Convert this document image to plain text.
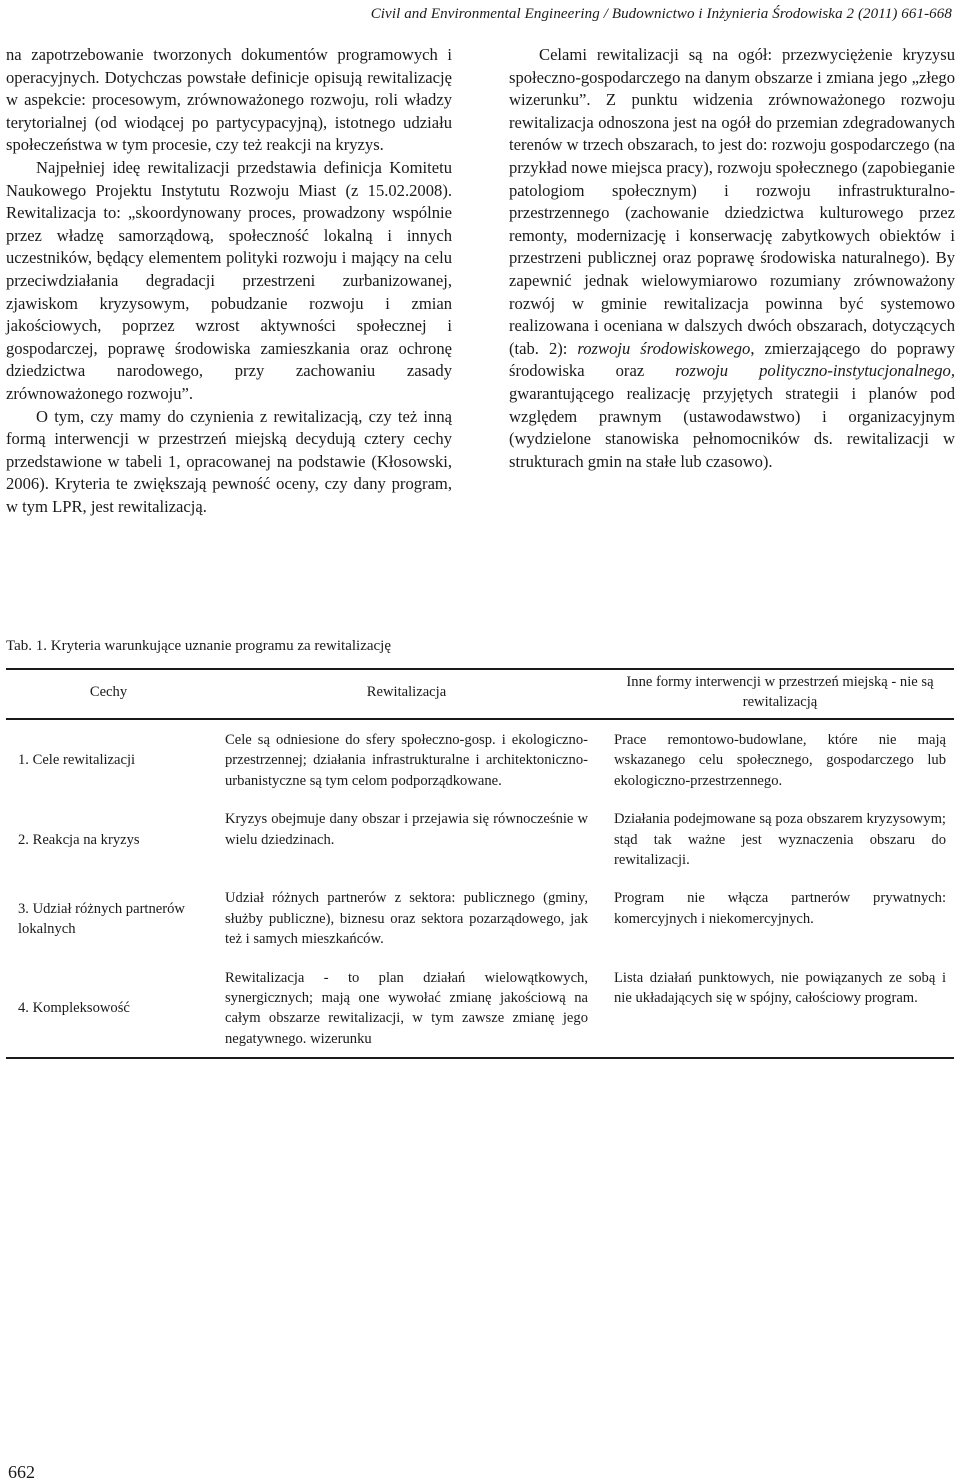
Civil and Environmental Engineering / Budownictwo i Inżynieria Środowiska 2 (2011) 661-668

na zapotrzebowanie tworzonych dokumentów programowych i operacyjnych. Dotychczas powstałe definicje opisują rewitalizację w aspekcie: procesowym, zrównoważonego rozwoju, roli władzy terytorialnej (od wiodącej po partycypacyjną), istotnego udziału społeczeństwa w tym procesie, czy też reakcji na kryzys.

Najpełniej ideę rewitalizacji przedstawia definicja Komitetu Naukowego Projektu Instytutu Rozwoju Miast (z 15.02.2008). Rewitalizacja to: „skoordynowany proces, prowadzony wspólnie przez władzę samorządową, społeczność lokalną i innych uczestników, będący elementem polityki rozwoju i mający na celu przeciwdziałania degradacji przestrzeni zurbanizowanej, zjawiskom kryzysowym, pobudzanie rozwoju i zmian jakościowych, poprzez wzrost aktywności społecznej i gospodarczej, poprawę środowiska zamieszkania oraz ochronę dziedzictwa narodowego, przy zachowaniu zasady zrównoważonego rozwoju”.

O tym, czy mamy do czynienia z rewitalizacją, czy też inną formą interwencji w przestrzeń miejską decydują cztery cechy przedstawione w tabeli 1, opracowanej na podstawie (Kłosowski, 2006). Kryteria te zwiększają pewność oceny, czy dany program, w tym LPR, jest rewitalizacją.

Celami rewitalizacji są na ogół: przezwyciężenie kryzysu społeczno-gospodarczego na danym obszarze i zmiana jego „złego wizerunku”. Z punktu widzenia zrównoważonego rozwoju rewitalizacja odnoszona jest na ogół do przemian zdegradowanych terenów w trzech obszarach, to jest do: rozwoju gospodarczego (na przykład nowe miejsca pracy), rozwoju społecznego (zapobieganie patologiom społecznym) i rozwoju infrastrukturalno-przestrzennego (zachowanie dziedzictwa kulturowego przez remonty, modernizację i konserwację zabytkowych obiektów i przestrzeni publicznej oraz poprawę środowiska naturalnego). By zapewnić jednak wielowymiarowo rozumiany zrównoważony rozwój w gminie rewitalizacja powinna być systemowo realizowana i oceniana w dalszych dwóch obszarach, dotyczących (tab. 2): rozwoju środowiskowego, zmierzającego do poprawy środowiska oraz rozwoju polityczno-instytucjonalnego, gwarantującego realizację przyjętych strategii i planów pod względem prawnym (ustawodawstwo) i organizacyjnym (wydzielone stanowiska pełnomocników ds. rewitalizacji w strukturach gmin na stałe lub czasowo).

Tab. 1. Kryteria warunkujące uznanie programu za rewitalizację
Cechy	Rewitalizacja	Inne formy interwencji w przestrzeń miejską - nie są rewitalizacją
1. Cele rewitalizacji	Cele są odniesione do sfery społeczno-gosp. i ekologiczno-przestrzennej; działania infrastrukturalne i architektoniczno-urbanistyczne są tym celom podporządkowane.	Prace remontowo-budowlane, które nie mają wskazanego celu społecznego, gospodarczego lub ekologiczno-przestrzennego.
2. Reakcja na kryzys	Kryzys obejmuje dany obszar i przejawia się równocześnie w wielu dziedzinach.	Działania podejmowane są poza obszarem kryzysowym; stąd tak ważne jest wyznaczenia obszaru do rewitalizacji.
3. Udział różnych partnerów lokalnych	Udział różnych partnerów z sektora: publicznego (gminy, służby publiczne), biznesu oraz sektora pozarządowego, jak też i samych mieszkańców.	Program nie włącza partnerów prywatnych: komercyjnych i niekomercyjnych.
4. Kompleksowość	Rewitalizacja - to plan działań wielowątkowych, synergicznych; mają one wywołać zmianę jakościową na całym obszarze rewitalizacji, w tym zawsze zmianę jego negatywnego. wizerunku	Lista działań punktowych, nie powiązanych ze sobą i nie układających się w spójny, całościowy program.
662
